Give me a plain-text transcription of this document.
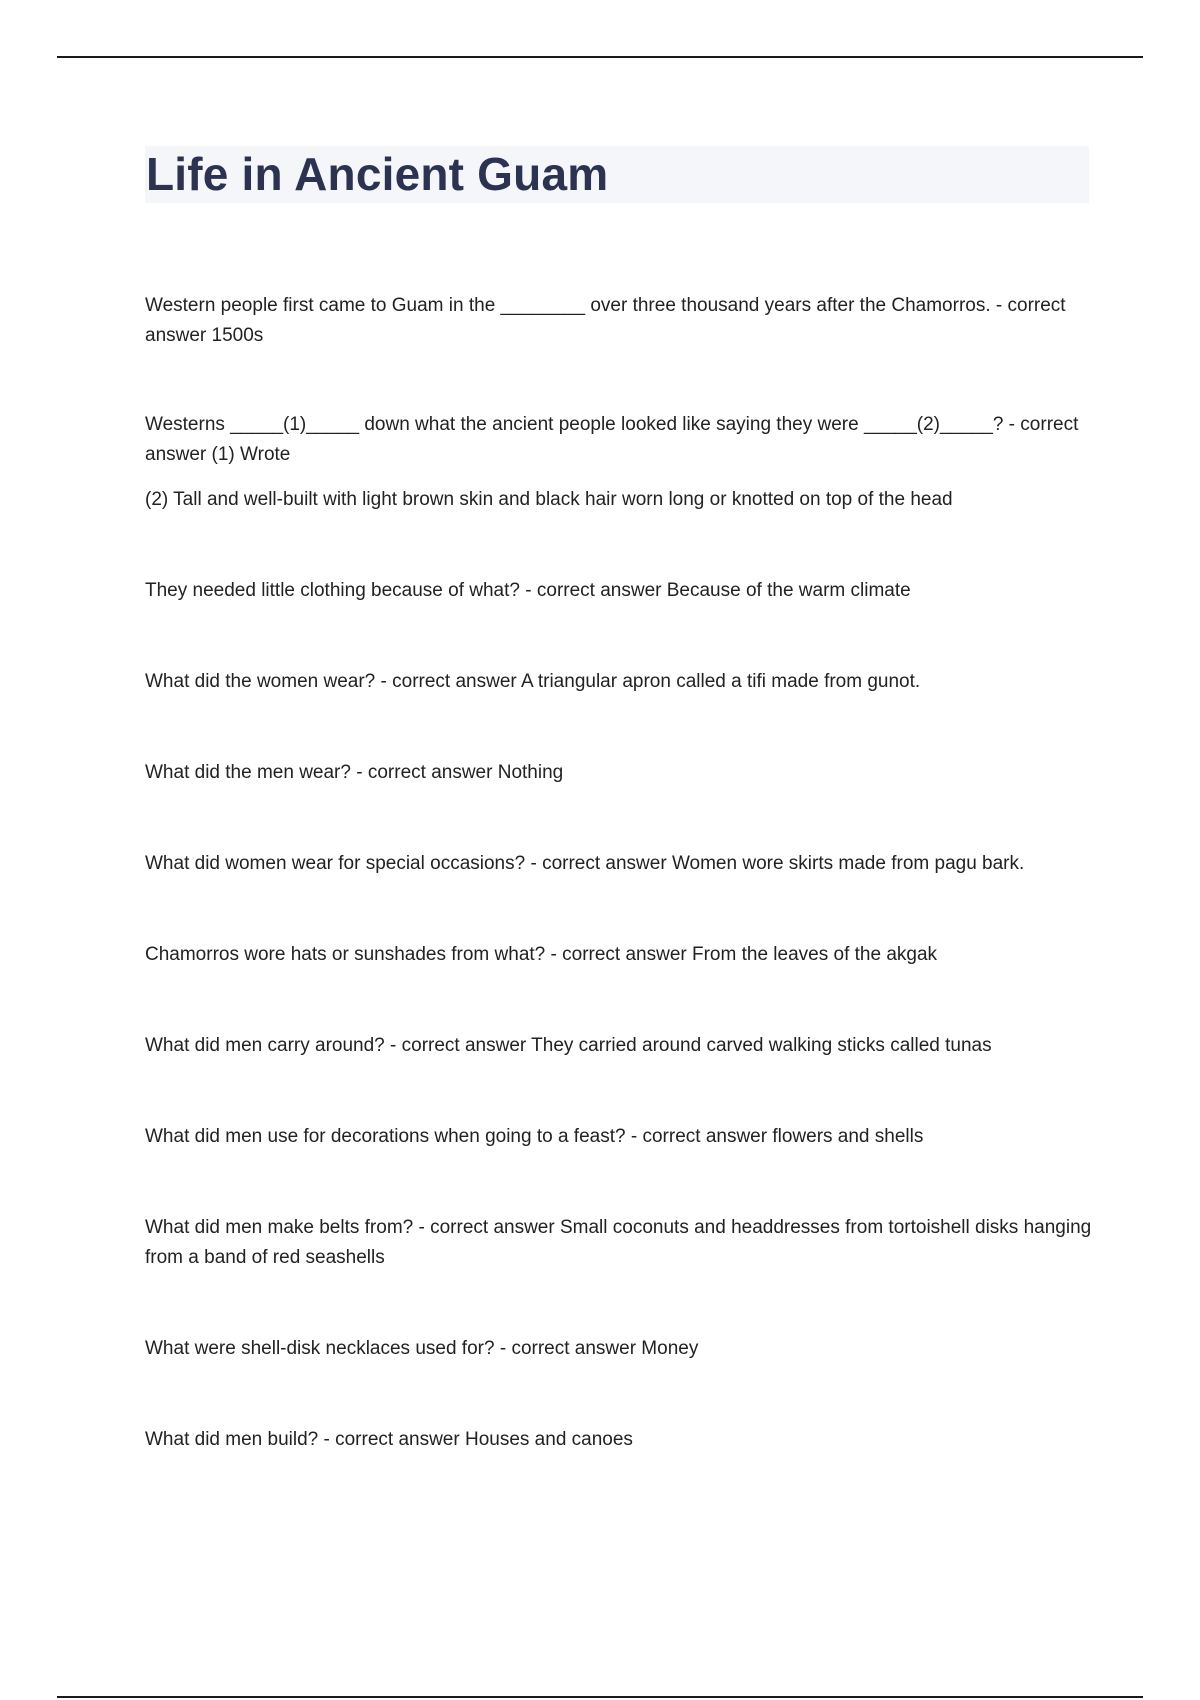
Life in Ancient Guam

Western people first came to Guam in the ________ over three thousand years after the Chamorros. - correct answer 1500s

Westerns _____(1)_____ down what the ancient people looked like saying they were _____(2)_____? - correct answer (1) Wrote

(2) Tall and well-built with light brown skin and black hair worn long or knotted on top of the head

They needed little clothing because of what? - correct answer Because of the warm climate

What did the women wear? - correct answer A triangular apron called a tifi made from gunot.

What did the men wear? - correct answer Nothing

What did women wear for special occasions? - correct answer Women wore skirts made from pagu bark.

Chamorros wore hats or sunshades from what? - correct answer From the leaves of the akgak

What did men carry around? - correct answer They carried around carved walking sticks called tunas

What did men use for decorations when going to a feast? - correct answer flowers and shells

What did men make belts from? - correct answer Small coconuts and headdresses from tortoishell disks hanging from a band of red seashells

What were shell-disk necklaces used for? - correct answer Money

What did men build? - correct answer Houses and canoes
